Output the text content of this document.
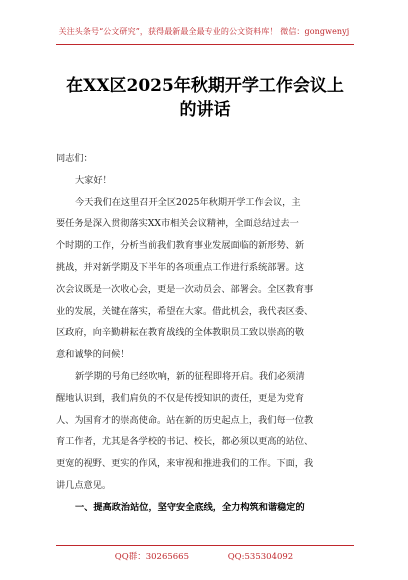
关注头条号“公文研究”，获得最新最全最专业的公文资料库！ 微信：gongwenyj
在XX区2025年秋期开学工作会议上
的讲话

同志们：

大家好！

今天我们在这里召开全区2025年秋期开学工作会议，主
要任务是深入贯彻落实XX市相关会议精神，全面总结过去一
个时期的工作，分析当前我们教育事业发展面临的新形势、新
挑战，并对新学期及下半年的各项重点工作进行系统部署。这
次会议既是一次收心会，更是一次动员会、部署会。全区教育事
业的发展，关键在落实，希望在大家。借此机会，我代表区委、
区政府，向辛勤耕耘在教育战线的全体教职员工致以崇高的敬
意和诚挚的问候！

新学期的号角已经吹响，新的征程即将开启。我们必须清
醒地认识到，我们肩负的不仅是传授知识的责任，更是为党育
人、为国育才的崇高使命。站在新的历史起点上，我们每一位教
育工作者，尤其是各学校的书记、校长，都必须以更高的站位、
更宽的视野、更实的作风，来审视和推进我们的工作。下面，我
讲几点意见。

一、提高政治站位，坚守安全底线，全力构筑和谐稳定的

QQ群：30265665	QQ:535304092
